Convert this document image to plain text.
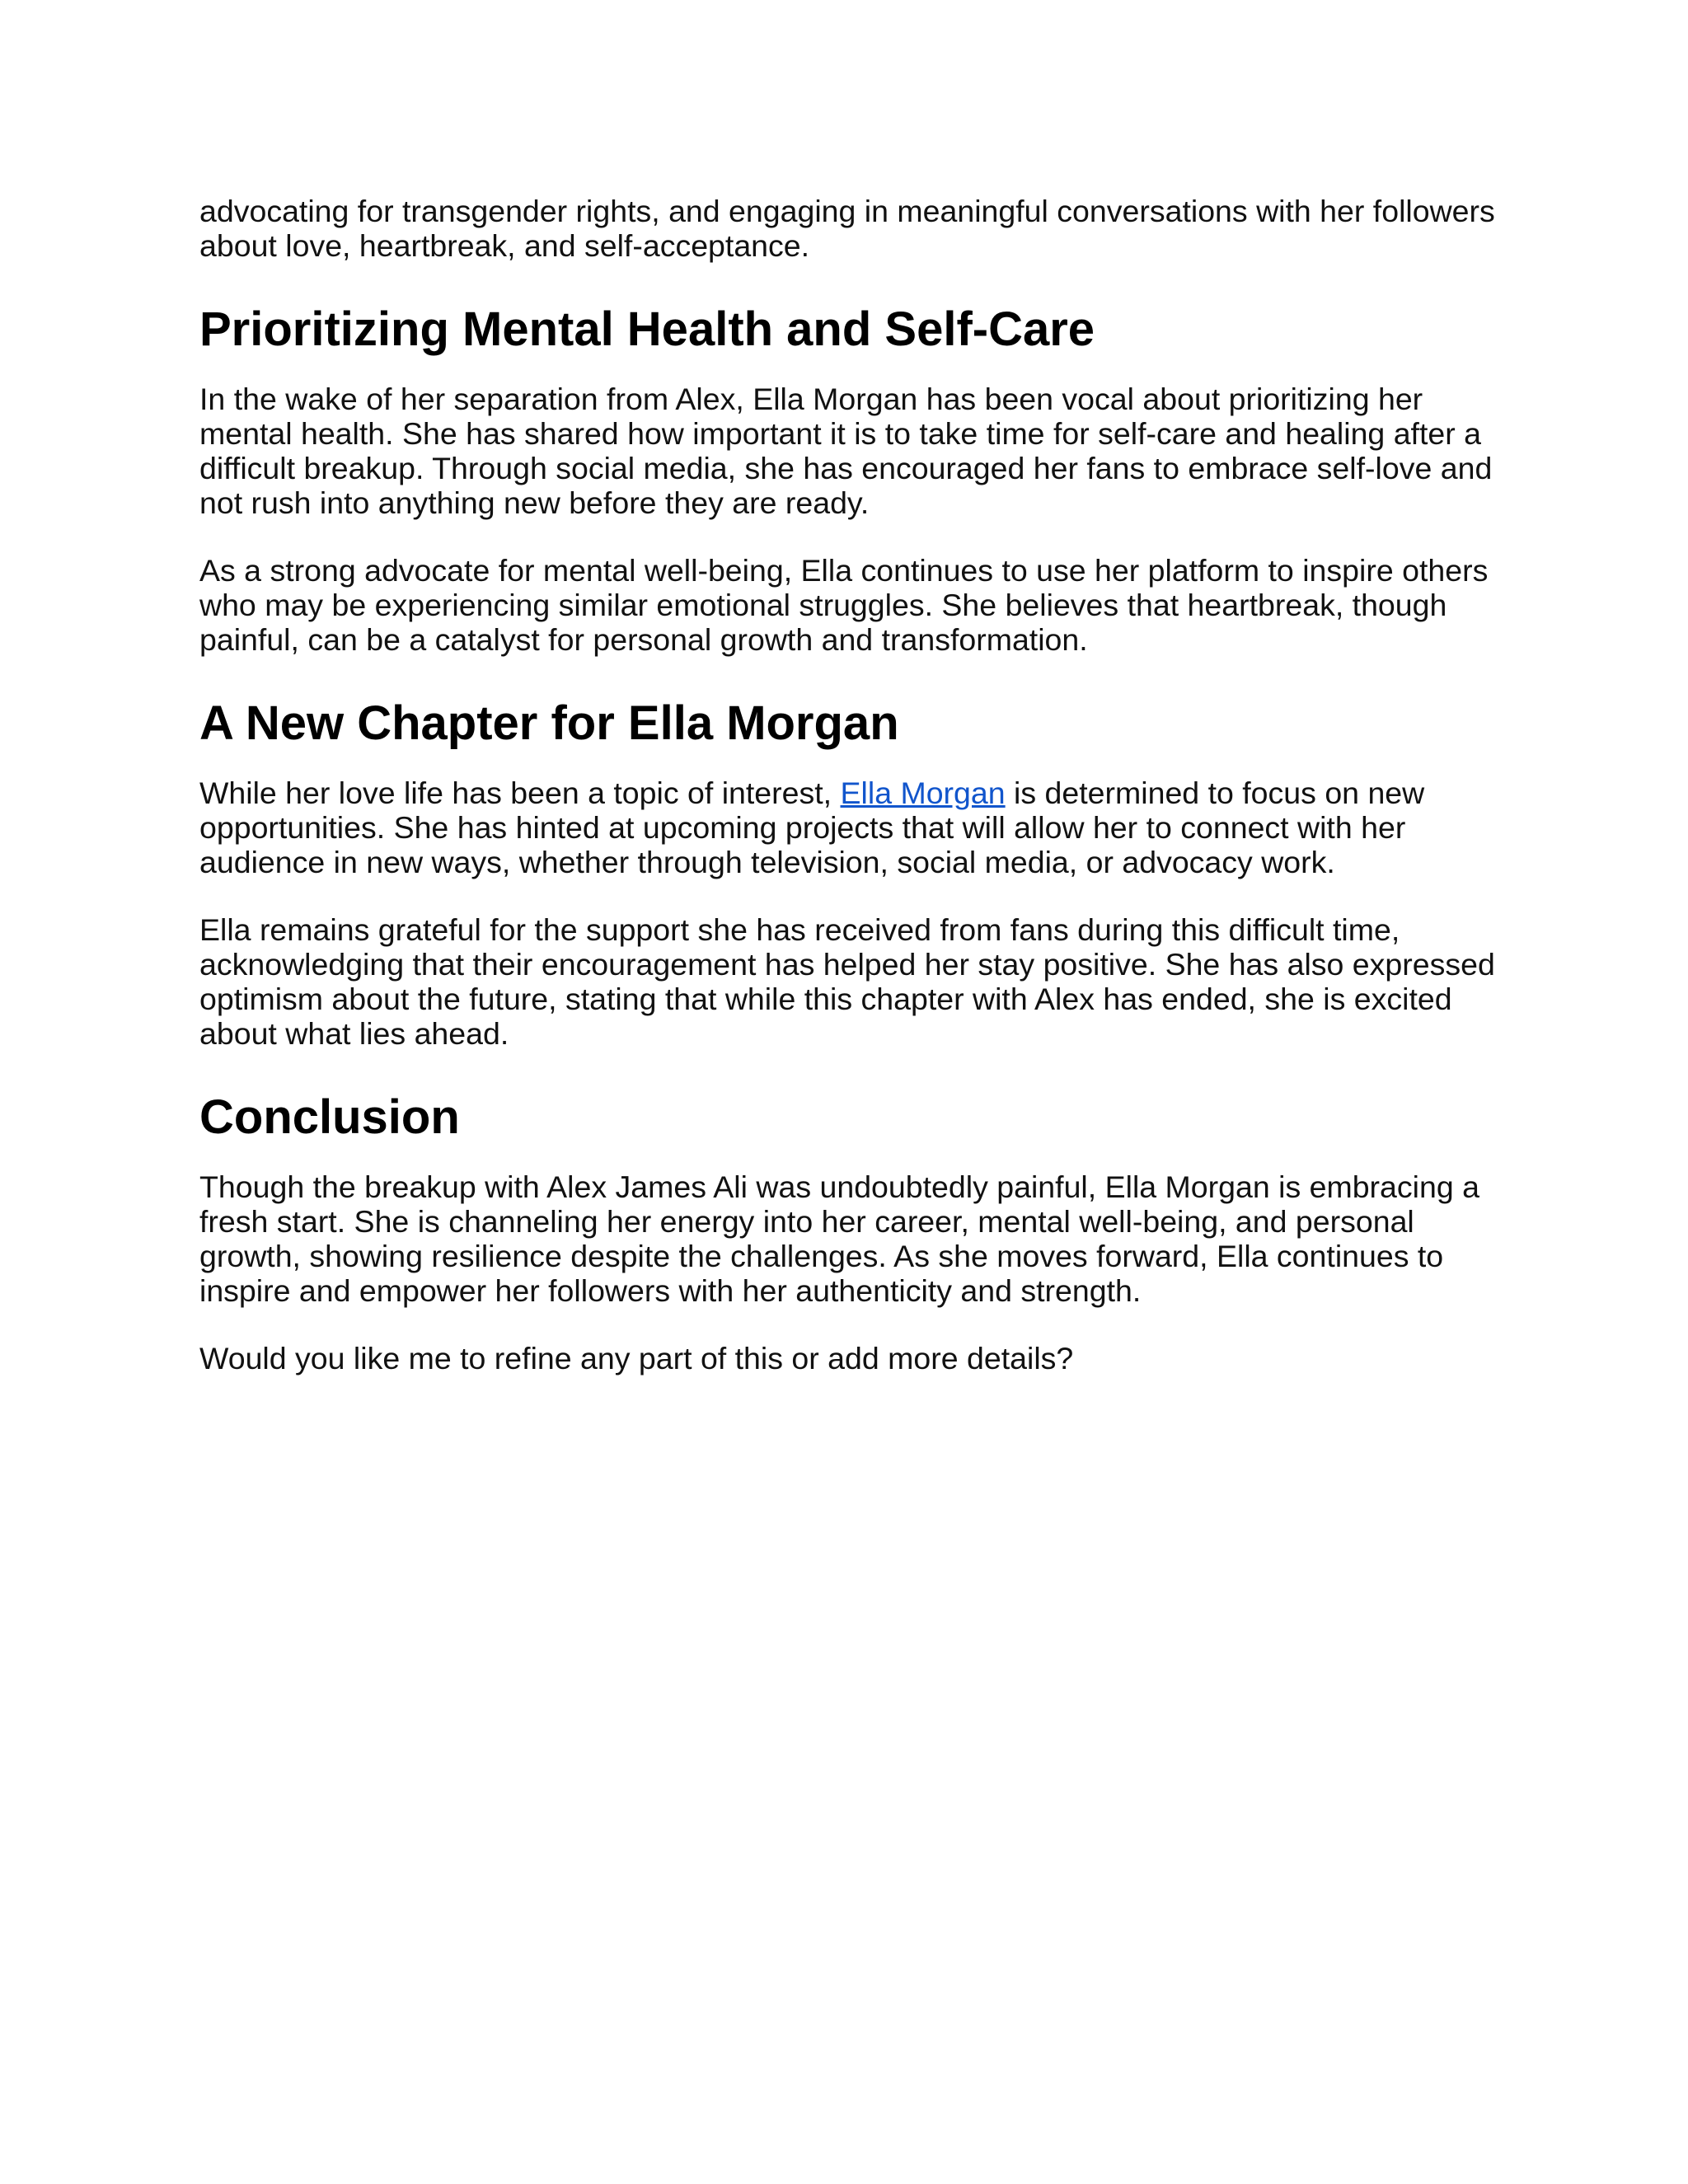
advocating for transgender rights, and engaging in meaningful conversations with her followers
about love, heartbreak, and self-acceptance.

Prioritizing Mental Health and Self-Care

In the wake of her separation from Alex, Ella Morgan has been vocal about prioritizing her
mental health. She has shared how important it is to take time for self-care and healing after a
difficult breakup. Through social media, she has encouraged her fans to embrace self-love and
not rush into anything new before they are ready.

As a strong advocate for mental well-being, Ella continues to use her platform to inspire others
who may be experiencing similar emotional struggles. She believes that heartbreak, though
painful, can be a catalyst for personal growth and transformation.

A New Chapter for Ella Morgan

While her love life has been a topic of interest, Ella Morgan is determined to focus on new
opportunities. She has hinted at upcoming projects that will allow her to connect with her
audience in new ways, whether through television, social media, or advocacy work.

Ella remains grateful for the support she has received from fans during this difficult time,
acknowledging that their encouragement has helped her stay positive. She has also expressed
optimism about the future, stating that while this chapter with Alex has ended, she is excited
about what lies ahead.

Conclusion

Though the breakup with Alex James Ali was undoubtedly painful, Ella Morgan is embracing a
fresh start. She is channeling her energy into her career, mental well-being, and personal
growth, showing resilience despite the challenges. As she moves forward, Ella continues to
inspire and empower her followers with her authenticity and strength.

Would you like me to refine any part of this or add more details?
